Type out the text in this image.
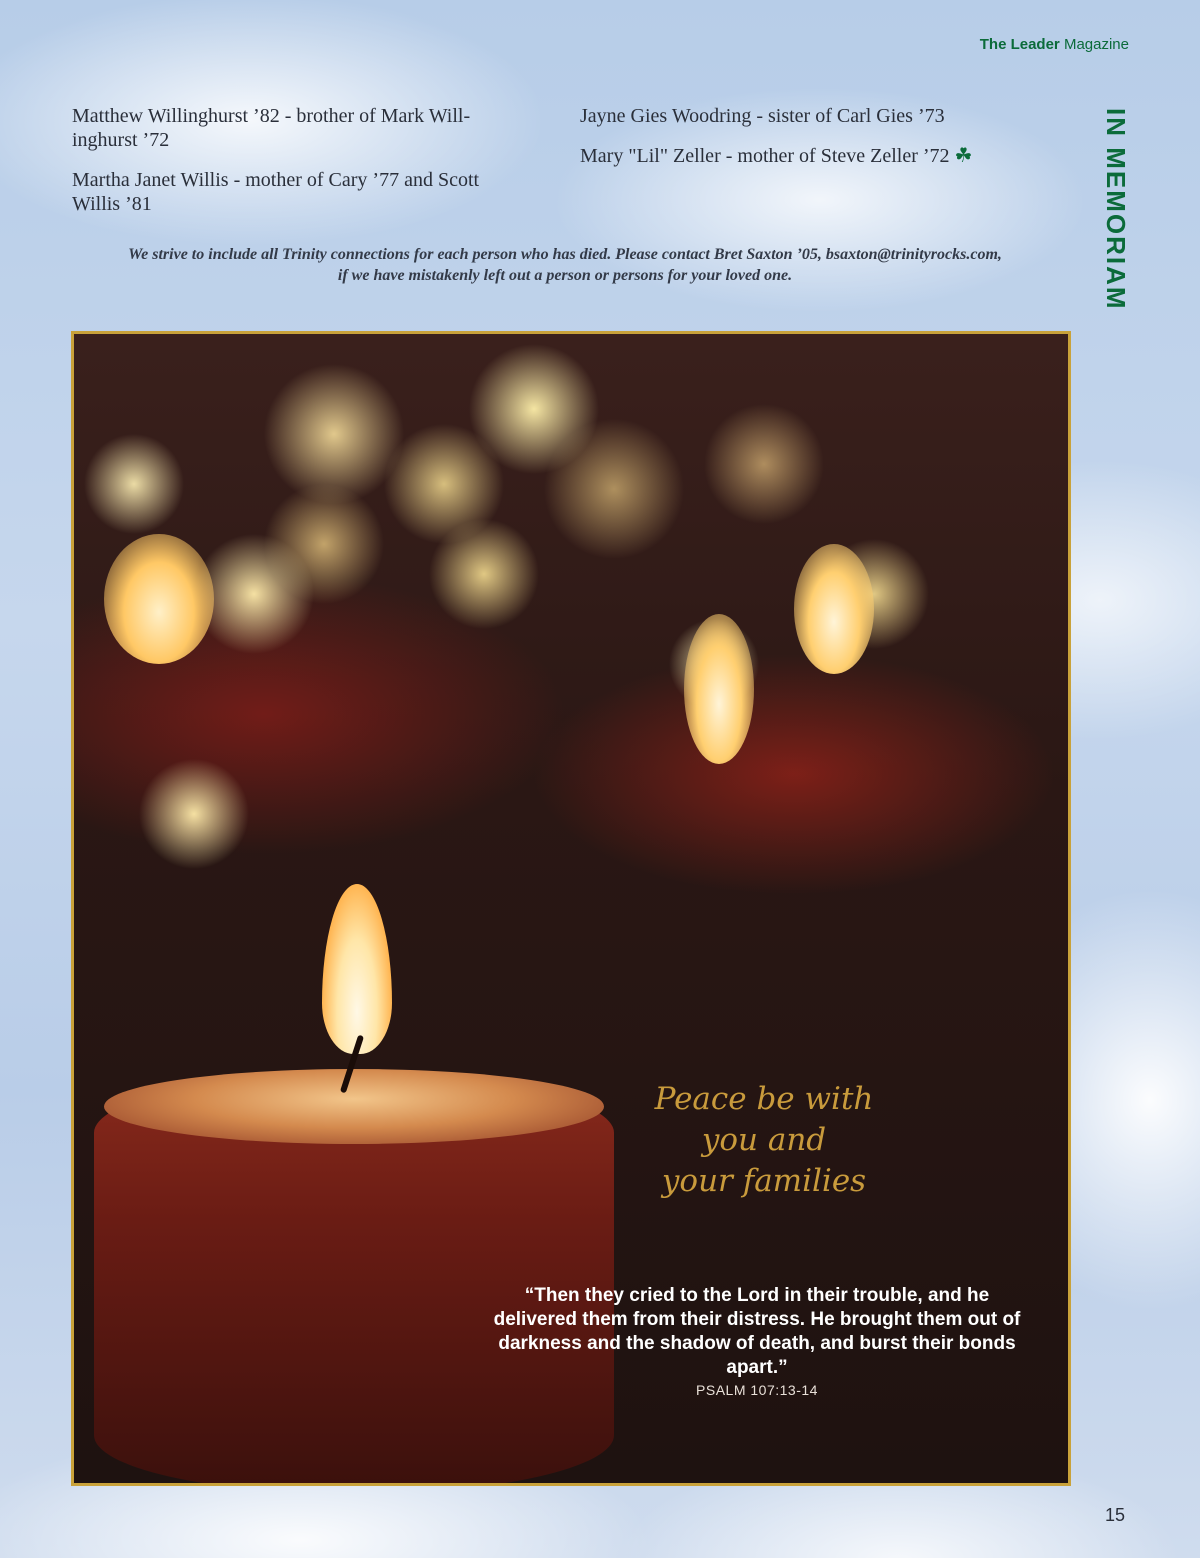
The Leader Magazine
IN MEMORIAM

Matthew Willinghurst ’82 - brother of Mark Will- inghurst ’72

Martha Janet Willis - mother of Cary ’77 and Scott Willis ’81

Jayne Gies Woodring - sister of Carl Gies ’73

Mary "Lil" Zeller - mother of Steve Zeller ’72 ☘

We strive to include all Trinity connections for each person who has died. Please contact Bret Saxton ’05, bsaxton@trinityrocks.com,
if we have mistakenly left out a person or persons for your loved one.
Peace be with
you and
your families
“Then they cried to the Lord in their trouble, and he delivered them from their distress. He brought them out of darkness and the shadow of death, and burst their bonds apart.”
PSALM 107:13-14
15
